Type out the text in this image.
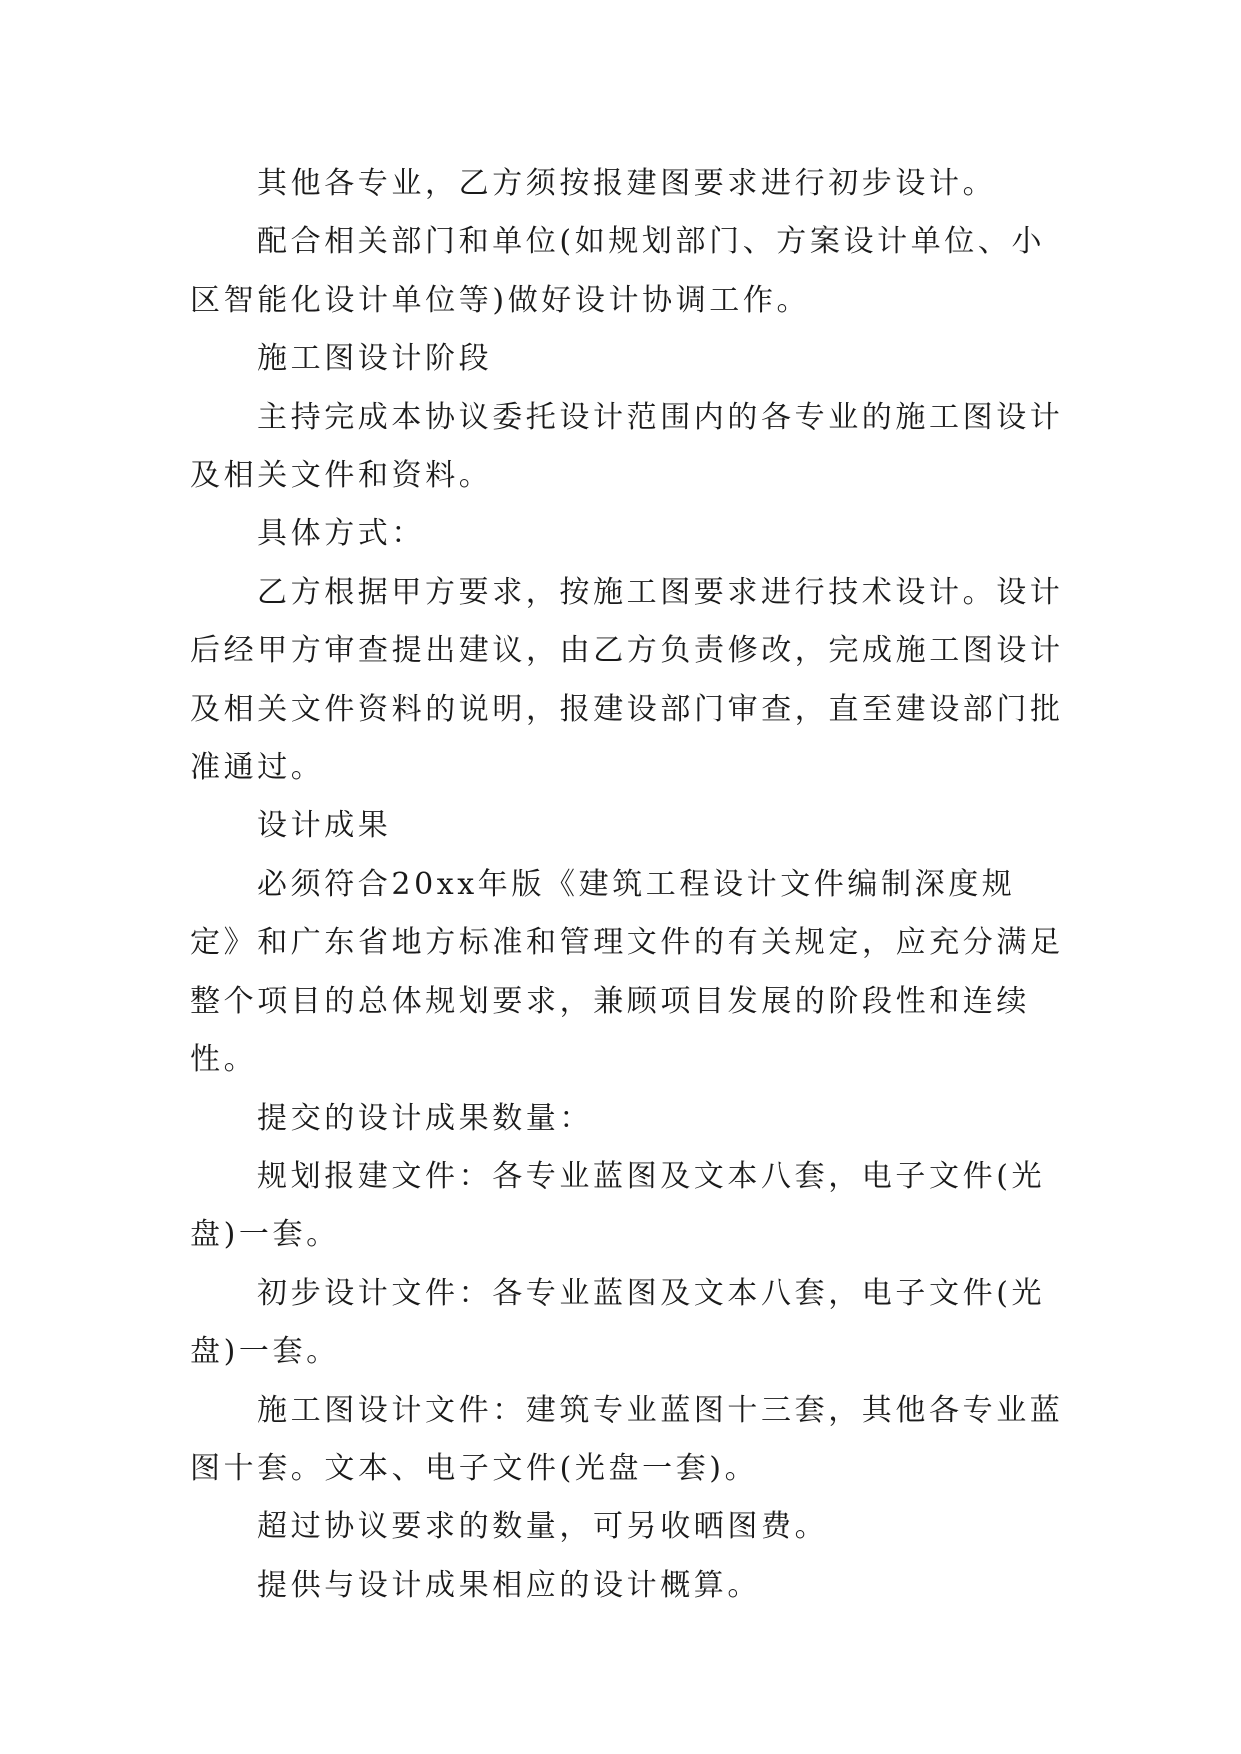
其他各专业，乙方须按报建图要求进行初步设计。

配合相关部门和单位(如规划部门、方案设计单位、小区智能化设计单位等)做好设计协调工作。

施工图设计阶段

主持完成本协议委托设计范围内的各专业的施工图设计及相关文件和资料。

具体方式：

乙方根据甲方要求，按施工图要求进行技术设计。设计后经甲方审查提出建议，由乙方负责修改，完成施工图设计及相关文件资料的说明，报建设部门审查，直至建设部门批准通过。

设计成果

必须符合20xx年版《建筑工程设计文件编制深度规定》和广东省地方标准和管理文件的有关规定，应充分满足整个项目的总体规划要求，兼顾项目发展的阶段性和连续性。

提交的设计成果数量：

规划报建文件：各专业蓝图及文本八套，电子文件(光盘)一套。

初步设计文件：各专业蓝图及文本八套，电子文件(光盘)一套。

施工图设计文件：建筑专业蓝图十三套，其他各专业蓝图十套。文本、电子文件(光盘一套)。

超过协议要求的数量，可另收晒图费。

提供与设计成果相应的设计概算。
